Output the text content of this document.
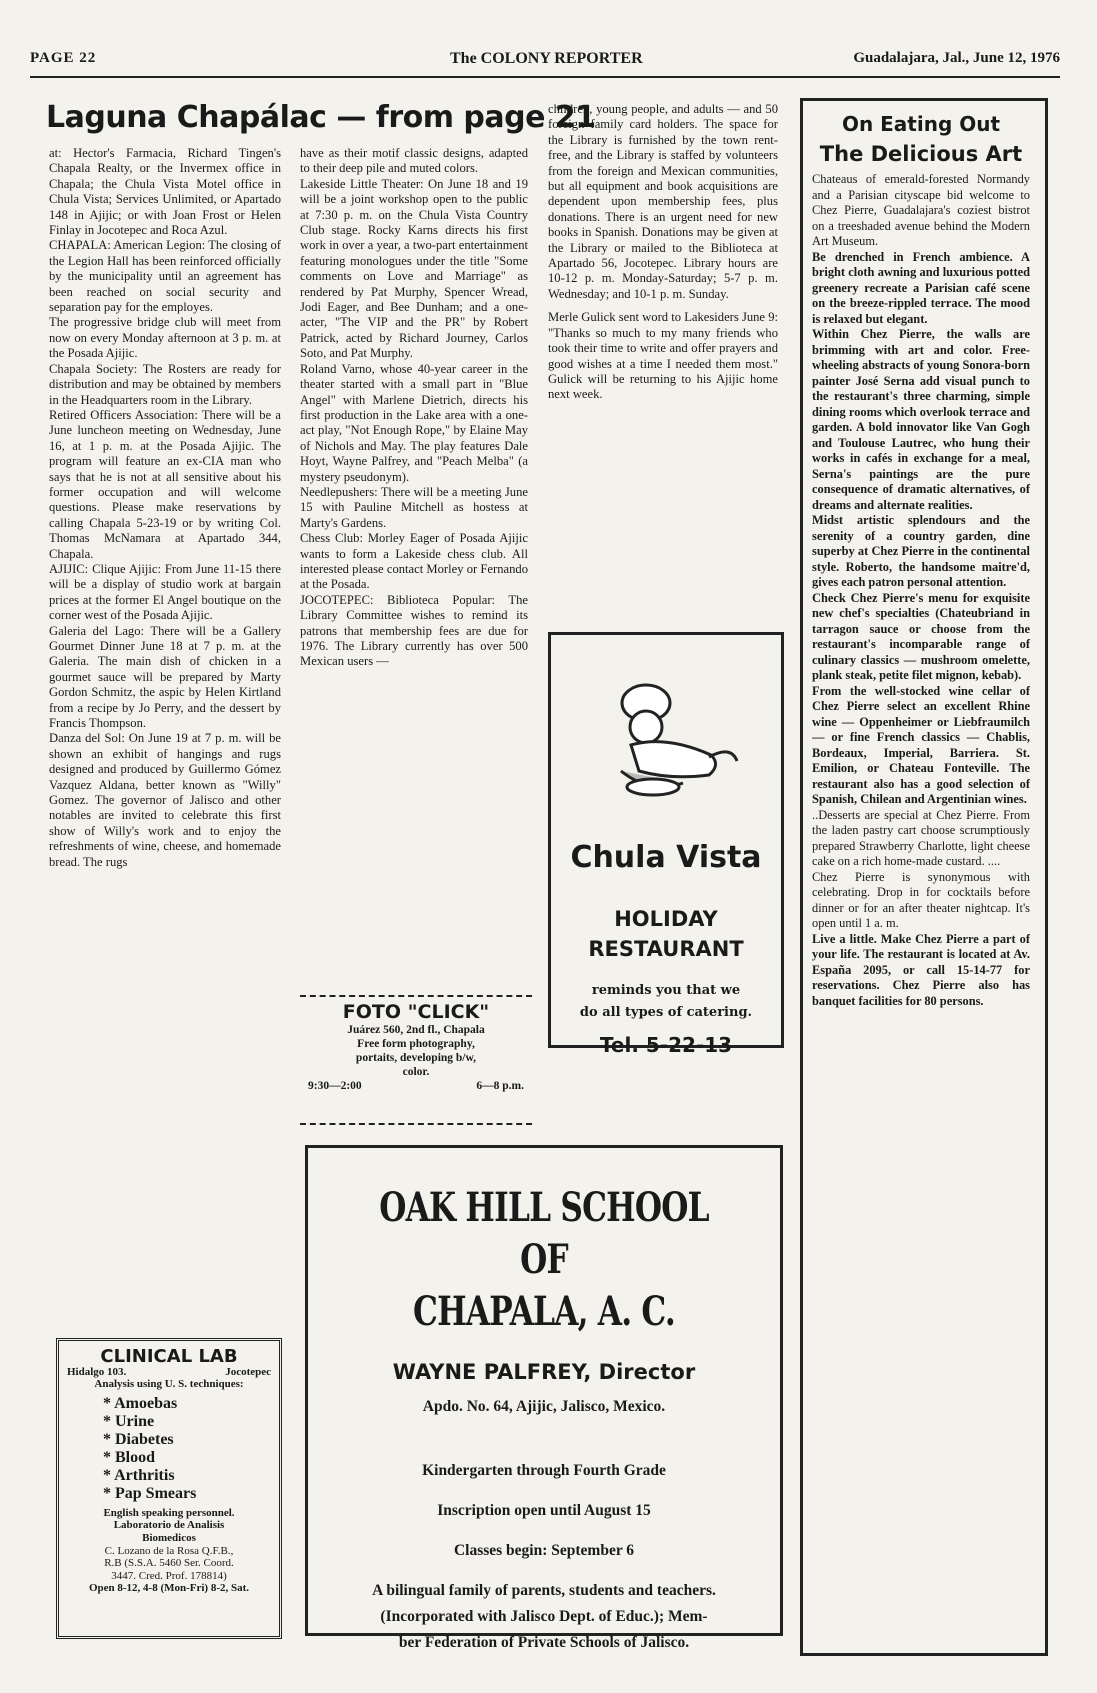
PAGE 22	The COLONY REPORTER	Guadalajara, Jal., June 12, 1976
Laguna Chapálac — from page 21

at: Hector's Farmacia, Richard Tingen's Chapala Realty, or the Invermex office in Chapala; the Chula Vista Motel office in Chula Vista; Services Unlimited, or Apartado 148 in Ajijic; or with Joan Frost or Helen Finlay in Jocotepec and Roca Azul.

CHAPALA: American Legion: The closing of the Legion Hall has been reinforced officially by the municipality until an agreement has been reached on social security and separation pay for the employes.

The progressive bridge club will meet from now on every Monday afternoon at 3 p. m. at the Posada Ajijic.

Chapala Society: The Rosters are ready for distribution and may be obtained by members in the Headquarters room in the Library.

Retired Officers Association: There will be a June luncheon meeting on Wednesday, June 16, at 1 p. m. at the Posada Ajijic. The program will feature an ex-CIA man who says that he is not at all sensitive about his former occupation and will welcome questions. Please make reservations by calling Chapala 5-23-19 or by writing Col. Thomas McNamara at Apartado 344, Chapala.

AJIJIC: Clique Ajijic: From June 11-15 there will be a display of studio work at bargain prices at the former El Angel boutique on the corner west of the Posada Ajijic.

Galeria del Lago: There will be a Gallery Gourmet Dinner June 18 at 7 p. m. at the Galeria. The main dish of chicken in a gourmet sauce will be prepared by Marty Gordon Schmitz, the aspic by Helen Kirtland from a recipe by Jo Perry, and the dessert by Francis Thompson.

Danza del Sol: On June 19 at 7 p. m. will be shown an exhibit of hangings and rugs designed and produced by Guillermo Gómez Vazquez Aldana, better known as "Willy" Gomez. The governor of Jalisco and other notables are invited to celebrate this first show of Willy's work and to enjoy the refreshments of wine, cheese, and homemade bread. The rugs

have as their motif classic designs, adapted to their deep pile and muted colors.

Lakeside Little Theater: On June 18 and 19 will be a joint workshop open to the public at 7:30 p. m. on the Chula Vista Country Club stage. Rocky Karns directs his first work in over a year, a two-part entertainment featuring monologues under the title "Some comments on Love and Marriage" as rendered by Pat Murphy, Spencer Wread, Jodi Eager, and Bee Dunham; and a one-acter, "The VIP and the PR" by Robert Patrick, acted by Richard Journey, Carlos Soto, and Pat Murphy.

Roland Varno, whose 40-year career in the theater started with a small part in "Blue Angel" with Marlene Dietrich, directs his first production in the Lake area with a one-act play, "Not Enough Rope," by Elaine May of Nichols and May. The play features Dale Hoyt, Wayne Palfrey, and "Peach Melba" (a mystery pseudonym).

Needlepushers: There will be a meeting June 15 with Pauline Mitchell as hostess at Marty's Gardens.

Chess Club: Morley Eager of Posada Ajijic wants to form a Lakeside chess club. All interested please contact Morley or Fernando at the Posada.

JOCOTEPEC: Biblioteca Popular: The Library Committee wishes to remind its patrons that membership fees are due for 1976. The Library currently has over 500 Mexican users —

children, young people, and adults — and 50 foreign family card holders. The space for the Library is furnished by the town rent-free, and the Library is staffed by volunteers from the foreign and Mexican communities, but all equipment and book acquisitions are dependent upon membership fees, plus donations. There is an urgent need for new books in Spanish. Donations may be given at the Library or mailed to the Biblioteca at Apartado 56, Jocotepec. Library hours are 10-12 p. m. Monday-Saturday; 5-7 p. m. Wednesday; and 10-1 p. m. Sunday.

Merle Gulick sent word to Lakesiders June 9: "Thanks so much to my many friends who took their time to write and offer prayers and good wishes at a time I needed them most." Gulick will be returning to his Ajijic home next week.

Chula Vista
HOLIDAY
RESTAURANT
reminds you that we
do all types of catering.
Tel. 5-22-13
FOTO "CLICK"
Juárez 560, 2nd fl., Chapala
Free form photography,
portaits, developing b/w,
color.
9:30—2:00	6—8 p.m.
OAK HILL SCHOOL OF
CHAPALA, A. C.
WAYNE PALFREY, Director
Apdo. No. 64, Ajijic, Jalisco, Mexico.
Kindergarten through Fourth Grade
Inscription open until August 15
Classes begin: September 6
A bilingual family of parents, students and teachers.
(Incorporated with Jalisco Dept. of Educ.); Mem-
ber Federation of Private Schools of Jalisco.
CLINICAL LAB
Hidalgo 103.	Jocotepec
Analysis using U. S. techniques:
* Amoebas
* Urine
* Diabetes
* Blood
* Arthritis
* Pap Smears
English speaking personnel.
Laboratorio de Analisis Biomedicos
C. Lozano de la Rosa Q.F.B.,
R.B (S.S.A. 5460 Ser. Coord.
3447. Cred. Prof. 178814)
Open 8-12, 4-8 (Mon-Fri) 8-2, Sat.
On Eating Out
The Delicious Art

Chateaus of emerald-forested Normandy and a Parisian cityscape bid welcome to Chez Pierre, Guadalajara's coziest bistrot on a treeshaded avenue behind the Modern Art Museum.

Be drenched in French ambience. A bright cloth awning and luxurious potted greenery recreate a Parisian café scene on the breeze-rippled terrace. The mood is relaxed but elegant.

Within Chez Pierre, the walls are brimming with art and color. Free-wheeling abstracts of young Sonora-born painter José Serna add visual punch to the restaurant's three charming, simple dining rooms which overlook terrace and garden. A bold innovator like Van Gogh and Toulouse Lautrec, who hung their works in cafés in exchange for a meal, Serna's paintings are the pure consequence of dramatic alternatives, of dreams and alternate realities.

Midst artistic splendours and the serenity of a country garden, dine superby at Chez Pierre in the continental style. Roberto, the handsome maitre'd, gives each patron personal attention.

Check Chez Pierre's menu for exquisite new chef's specialties (Chateubriand in tarragon sauce or choose from the restaurant's incomparable range of culinary classics — mushroom omelette, plank steak, petite filet mignon, kebab).

From the well-stocked wine cellar of Chez Pierre select an excellent Rhine wine — Oppenheimer or Liebfraumilch — or fine French classics — Chablis, Bordeaux, Imperial, Barriera. St. Emilion, or Chateau Fonteville. The restaurant also has a good selection of Spanish, Chilean and Argentinian wines.

..Desserts are special at Chez Pierre. From the laden pastry cart choose scrumptiously prepared Strawberry Charlotte, light cheese cake on a rich home-made custard. ....

Chez Pierre is synonymous with celebrating. Drop in for cocktails before dinner or for an after theater nightcap. It's open until 1 a. m.

Live a little. Make Chez Pierre a part of your life. The restaurant is located at Av. España 2095, or call 15-14-77 for reservations. Chez Pierre also has banquet facilities for 80 persons.
